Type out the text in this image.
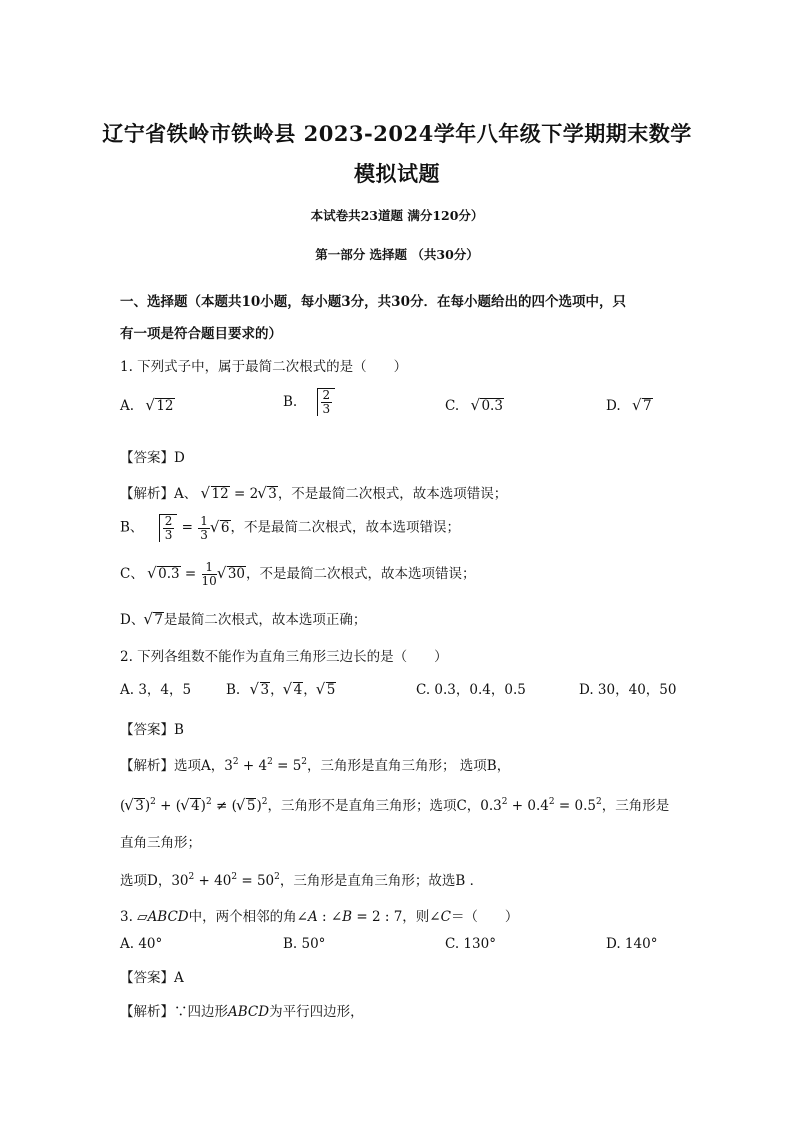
辽宁省铁岭市铁岭县 2023-2024学年八年级下学期期末数学
模拟试题
本试卷共23道题 满分120分）
第一部分 选择题 （共30分）
一、选择题（本题共10小题，每小题3分，共30分．在每小题给出的四个选项中，只
有一项是符合题目要求的）
1. 下列式子中，属于最简二次根式的是（　　）
A. √ 12	B. $\frac{2}{3}$	C. √ 0.3	D. √ 7
【答案】D
【解析】A、 √ 12 = 2 √ 3，不是最简二次根式，故本选项错误；
B、 $\frac{2}{3} = \frac{1}{3}$ √ 6，不是最简二次根式，故本选项错误；
C、 √ $0.3 = \frac{1}{10}$ √ 30，不是最简二次根式，故本选项错误；
D、 √ 7是最简二次根式，故本选项正确；
2. 下列各组数不能作为直角三角形三边长的是（　　）
A. 3，4，5	B. √ 3， √ 4， √ 5	C. 0.3，0.4，0.5	D. 30，40，50
【答案】B
【解析】选项A，$3^2 + 4^2 = 5^2$，三角形是直角三角形； 选项B，
( √ 3)$^2$ + ( √ 4)$^2$ ≠ ( √ 5)$^2$，三角形不是直角三角形；选项C，$0.3^2 + 0.4^2 = 0.5^2$，三角形是
直角三角形；
选项D，$30^2 + 40^2 = 50^2$，三角形是直角三角形；故选B ．
3. ⏥ABCD中，两个相邻的角∠A : ∠B = 2 : 7，则∠C＝（　　）
A. 40°	B. 50°	C. 130°	D. 140°
【答案】A
【解析】∵四边形ABCD为平行四边形，
